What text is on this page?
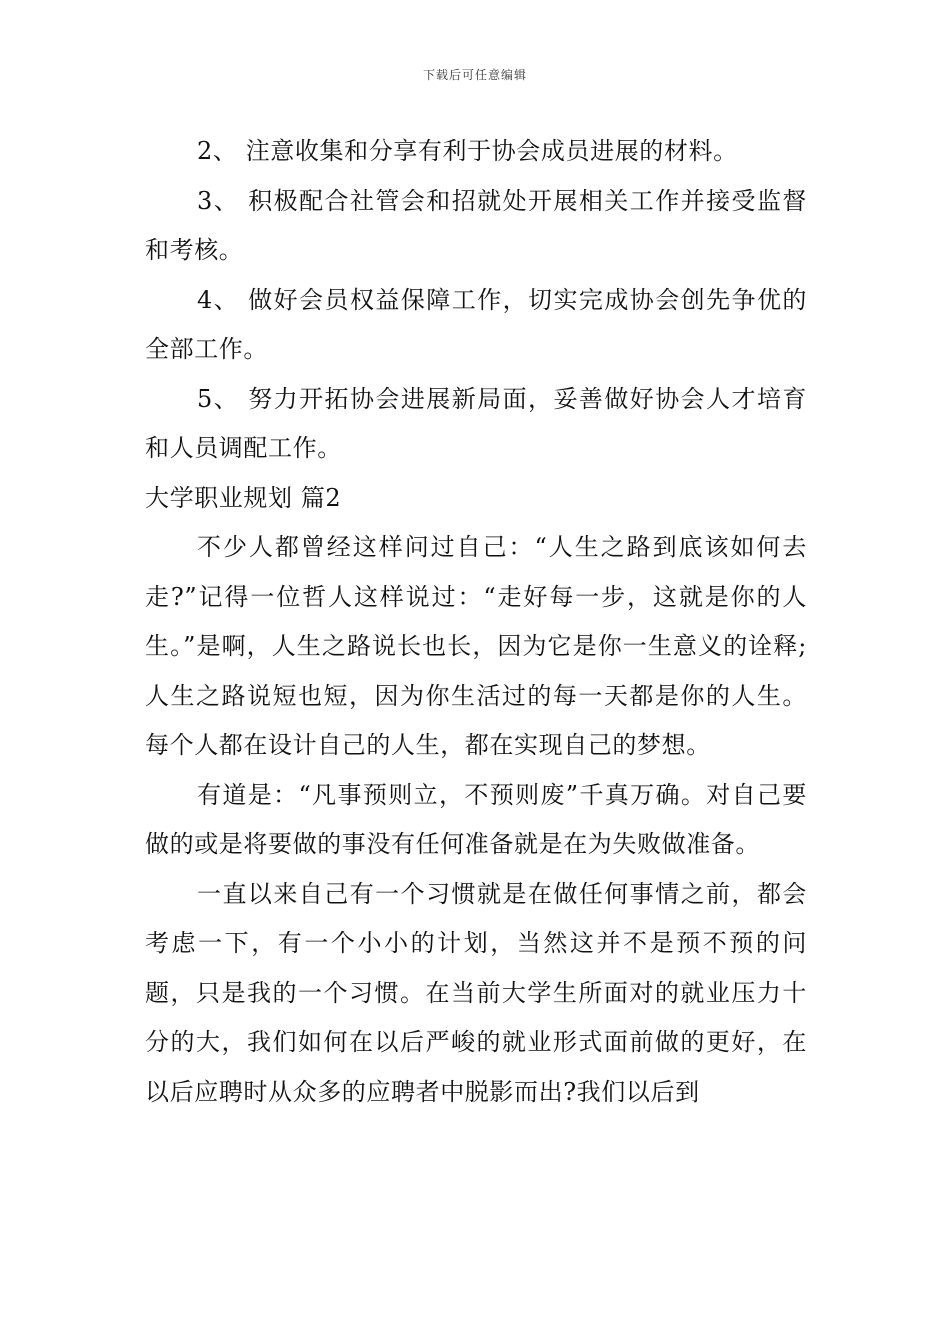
下载后可任意编辑

2、 注意收集和分享有利于协会成员进展的材料。

3、 积极配合社管会和招就处开展相关工作并接受监督和考核。

4、 做好会员权益保障工作，切实完成协会创先争优的全部工作。

5、 努力开拓协会进展新局面，妥善做好协会人才培育和人员调配工作。

大学职业规划 篇2

不少人都曾经这样问过自己：“人生之路到底该如何去走?”记得一位哲人这样说过：“走好每一步，这就是你的人生。”是啊，人生之路说长也长，因为它是你一生意义的诠释;人生之路说短也短，因为你生活过的每一天都是你的人生。每个人都在设计自己的人生，都在实现自己的梦想。

有道是：“凡事预则立，不预则废”千真万确。对自己要做的或是将要做的事没有任何准备就是在为失败做准备。

一直以来自己有一个习惯就是在做任何事情之前，都会考虑一下，有一个小小的计划，当然这并不是预不预的问题，只是我的一个习惯。在当前大学生所面对的就业压力十分的大，我们如何在以后严峻的就业形式面前做的更好，在以后应聘时从众多的应聘者中脱影而出?我们以后到
